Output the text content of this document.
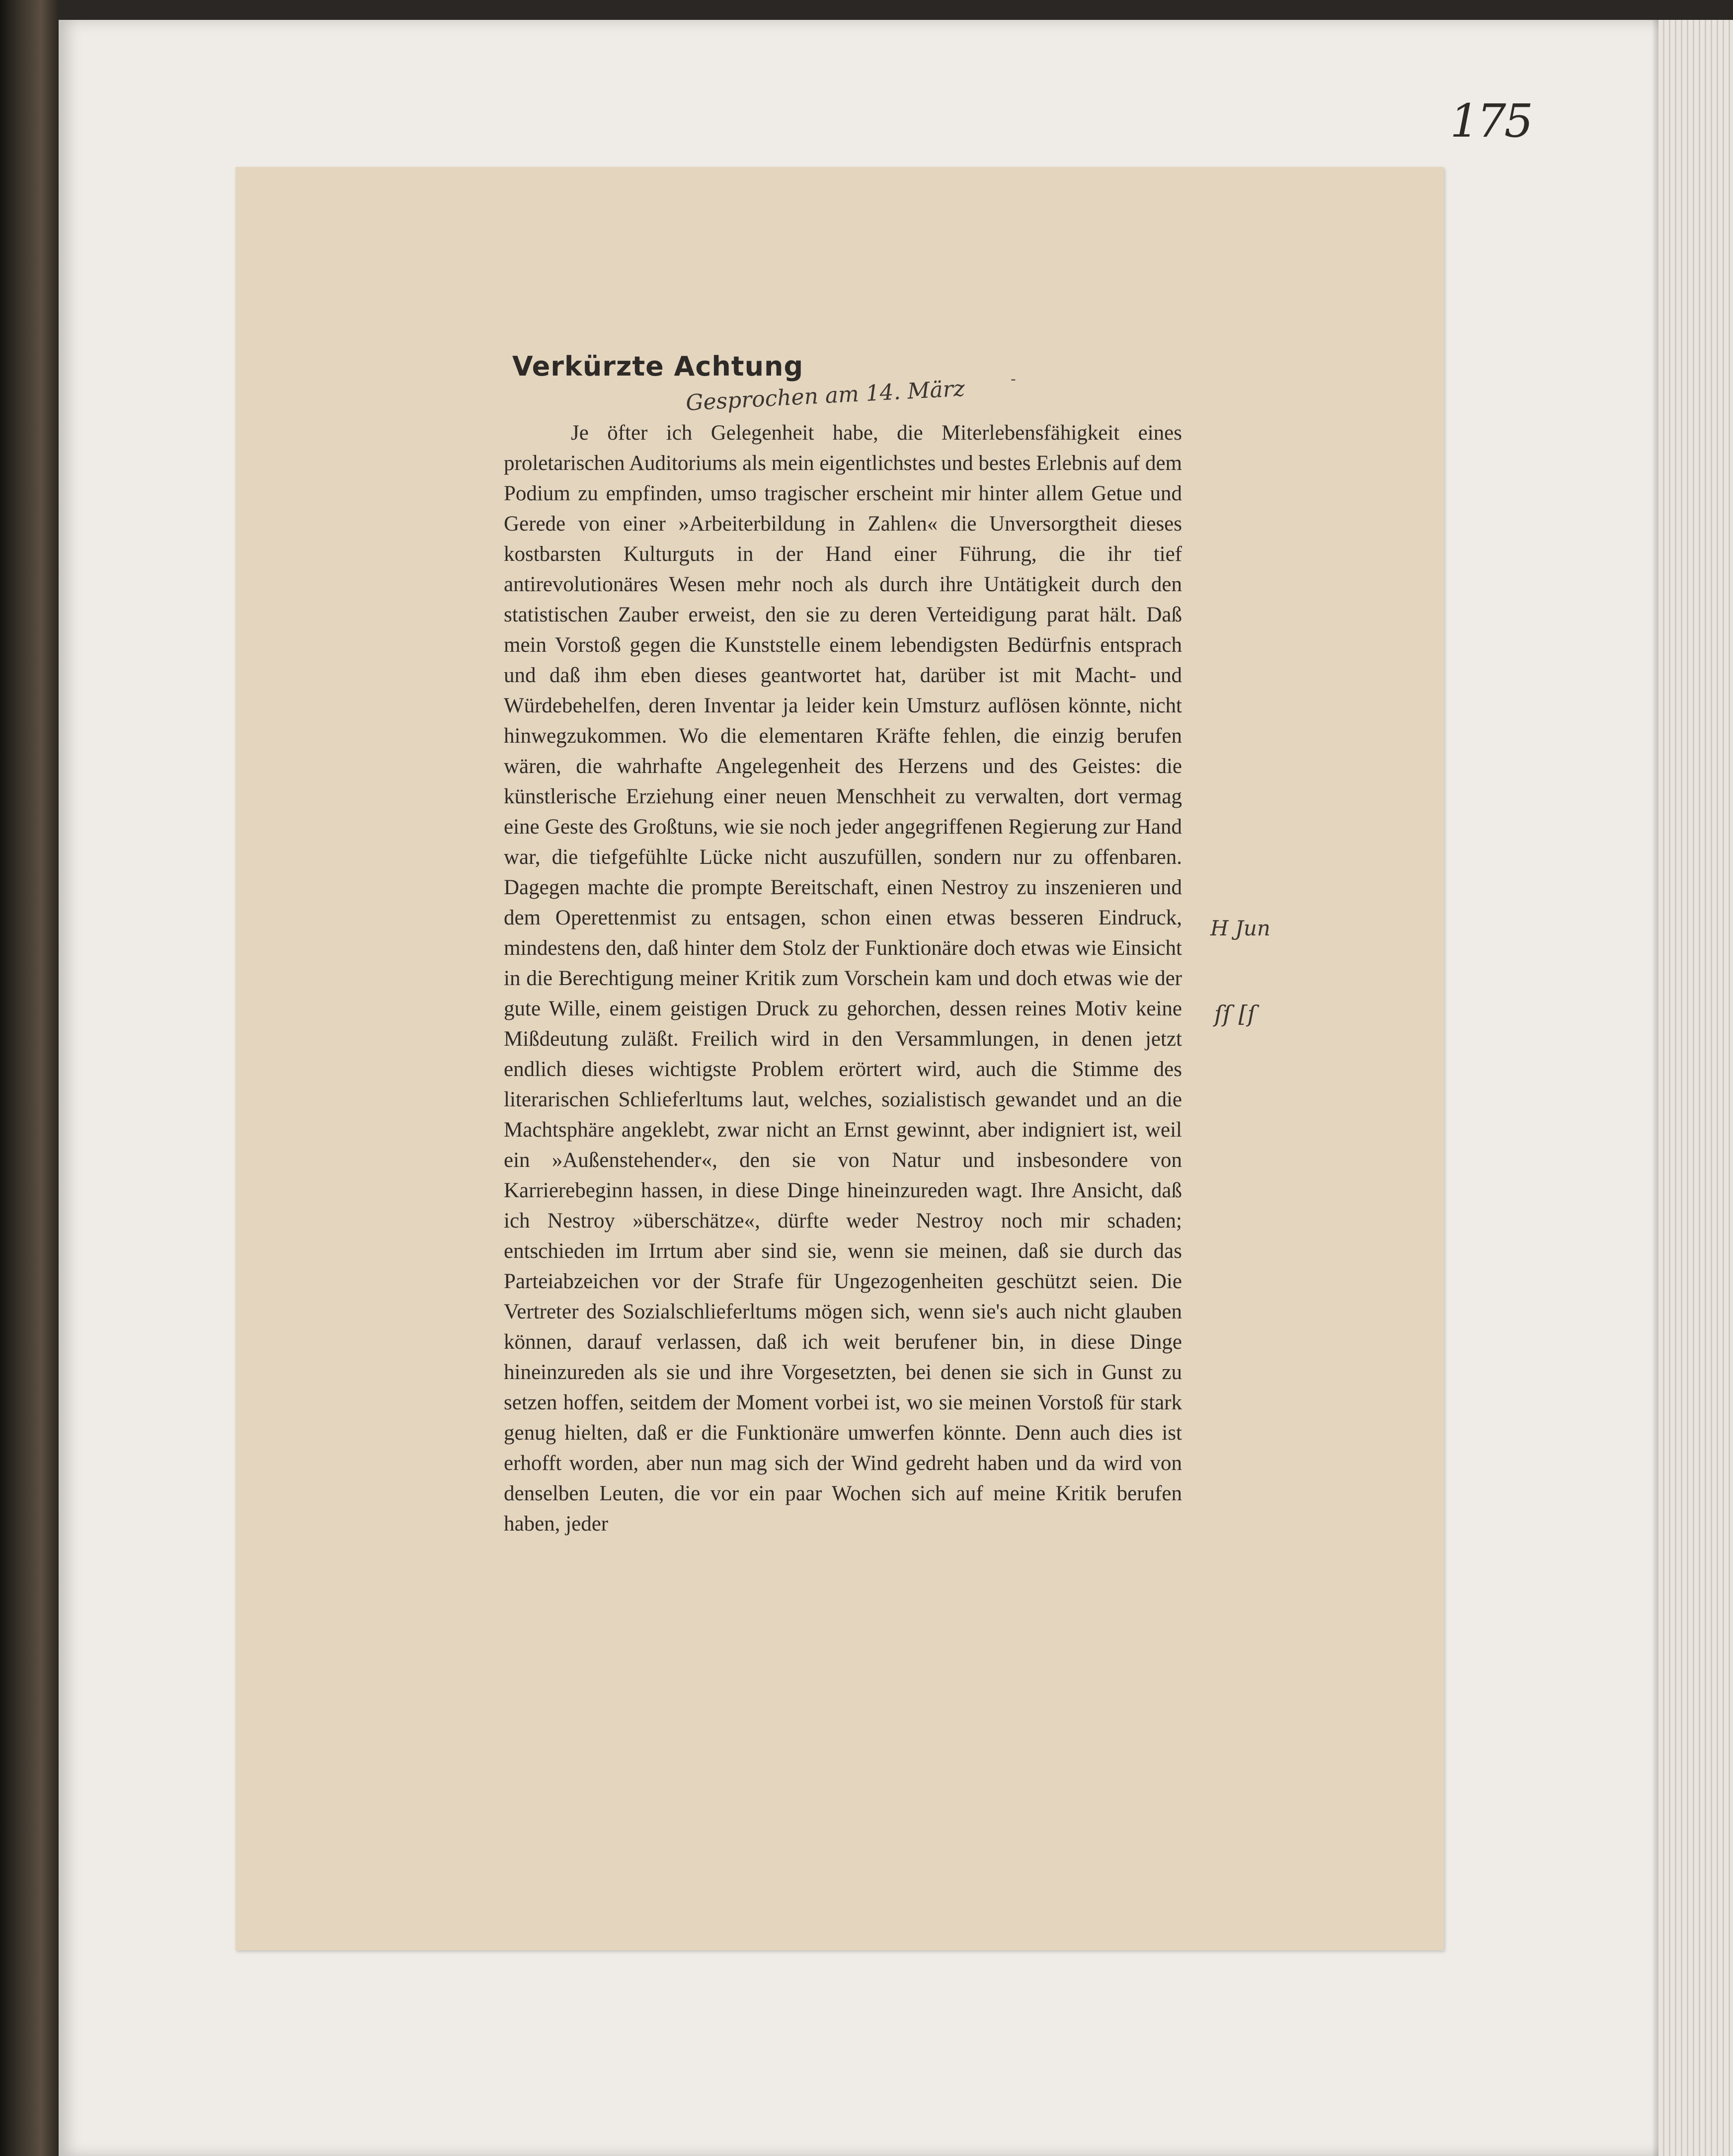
175
Verkürzte Achtung	-
Gesprochen am 14. März

Je öfter ich Gelegenheit habe, die Miterlebensfähigkeit eines proletarischen Auditoriums als mein eigentlichstes und bestes Erlebnis auf dem Podium zu empfinden, umso tragischer erscheint mir hinter allem Getue und Gerede von einer »Arbeiterbildung in Zahlen« die Unversorgtheit dieses kostbarsten Kulturguts in der Hand einer Führung, die ihr tief antirevolutionäres Wesen mehr noch als durch ihre Untätigkeit durch den statistischen Zauber erweist, den sie zu deren Verteidigung parat hält. Daß mein Vorstoß gegen die Kunststelle einem lebendigsten Bedürfnis entsprach und daß ihm eben dieses geantwortet hat, darüber ist mit Macht- und Würdebehelfen, deren Inventar ja leider kein Umsturz auflösen könnte, nicht hinwegzukommen. Wo die elementaren Kräfte fehlen, die einzig berufen wären, die wahrhafte Angelegenheit des Herzens und des Geistes: die künstlerische Erziehung einer neuen Menschheit zu verwalten, dort vermag eine Geste des Großtuns, wie sie noch jeder angegriffenen Regierung zur Hand war, die tiefgefühlte Lücke nicht auszufüllen, sondern nur zu offenbaren. Dagegen machte die prompte Bereitschaft, einen Nestroy zu inszenieren und dem Operettenmist zu entsagen, schon einen etwas besseren Eindruck, mindestens den, daß hinter dem Stolz der Funktionäre doch etwas wie Einsicht in die Berechtigung meiner Kritik zum Vorschein kam und doch etwas wie der gute Wille, einem geistigen Druck zu gehorchen, dessen reines Motiv keine Mißdeutung zuläßt. Freilich wird in den Versammlungen, in denen jetzt endlich dieses wichtigste Problem erörtert wird, auch die Stimme des literarischen Schlieferltums laut, welches, sozialistisch gewandet und an die Machtsphäre angeklebt, zwar nicht an Ernst gewinnt, aber indigniert ist, weil ein »Außenstehender«, den sie von Natur und insbesondere von Karrierebeginn hassen, in diese Dinge hineinzureden wagt. Ihre Ansicht, daß ich Nestroy »überschätze«, dürfte weder Nestroy noch mir schaden; entschieden im Irrtum aber sind sie, wenn sie meinen, daß sie durch das Parteiabzeichen vor der Strafe für Ungezogenheiten geschützt seien. Die Vertreter des Sozialschlieferltums mögen sich, wenn sie's auch nicht glauben können, darauf verlassen, daß ich weit berufener bin, in diese Dinge hineinzureden als sie und ihre Vorgesetzten, bei denen sie sich in Gunst zu setzen hoffen, seitdem der Moment vorbei ist, wo sie meinen Vorstoß für stark genug hielten, daß er die Funktionäre umwerfen könnte. Denn auch dies ist erhofft worden, aber nun mag sich der Wind gedreht haben und da wird von denselben Leuten, die vor ein paar Wochen sich auf meine Kritik berufen haben, jeder

H Jun
ſſ [ſ
